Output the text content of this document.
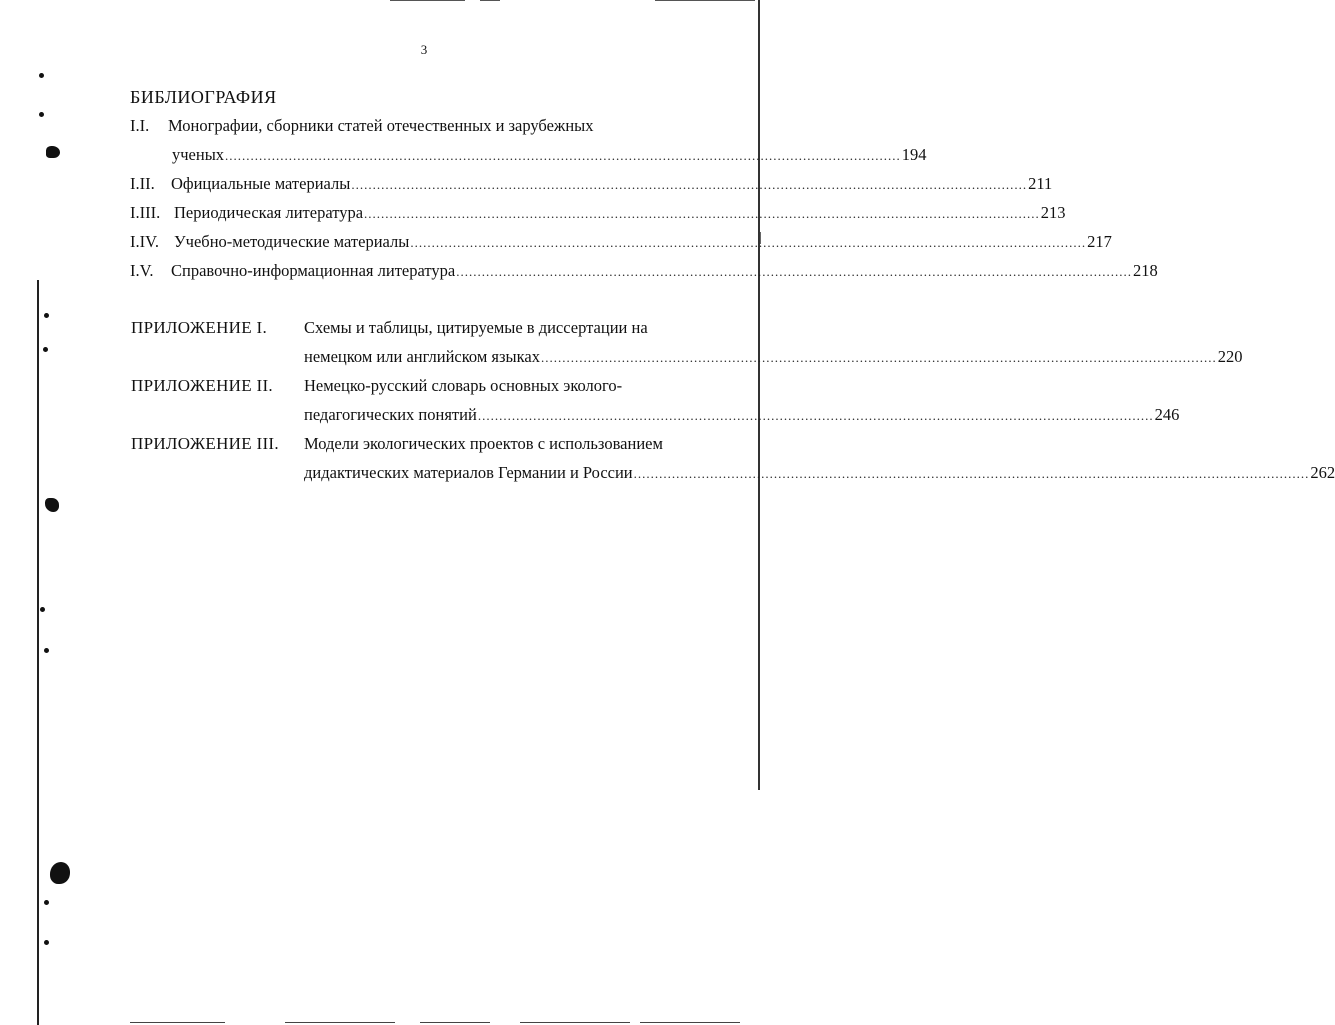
3
БИБЛИОГРАФИЯ
I.I.	Монографии, сборники статей отечественных и зарубежных
ученых ............................................................................................................................................................... 194
I.II. Официальные материалы ............................................................................................................................................................... 211
I.III. Периодическая литература ............................................................................................................................................................... 213
I.IV. Учебно-методические материалы ............................................................................................................................................................... 217
I.V.	Справочно-информационная литература ............................................................................................................................................................... 218
ПРИЛОЖЕНИЕ I. Схемы и таблицы, цитируемые в диссертации на
немецком или английском языках ............................................................................................................................................................... 220
ПРИЛОЖЕНИЕ II. Немецко-русский словарь основных эколого-
педагогических понятий ............................................................................................................................................................... 246
ПРИЛОЖЕНИЕ III. Модели экологических проектов с использованием
дидактических материалов Германии и России ............................................................................................................................................................... 262
